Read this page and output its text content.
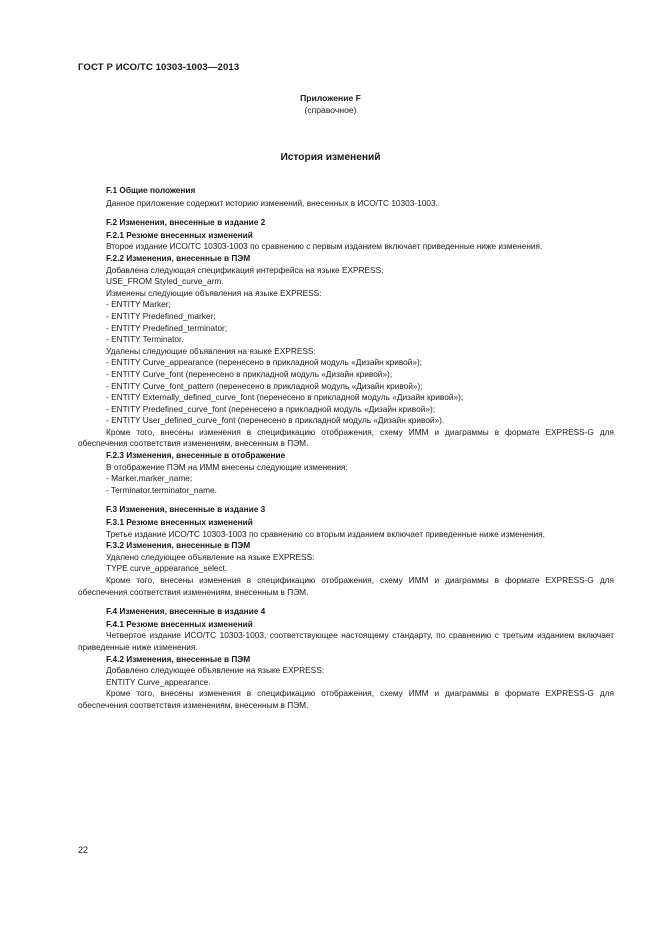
ГОСТ Р ИСО/ТС 10303-1003—2013
Приложение F
(справочное)
История изменений
F.1 Общие положения
Данное приложение содержит историю изменений, внесенных в ИСО/ТС 10303-1003.
F.2 Изменения, внесенные в издание 2
F.2.1 Резюме внесенных изменений
Второе издание ИСО/ТС 10303-1003 по сравнению с первым изданием включает приведенные ниже изменения.
F.2.2 Изменения, внесенные в ПЭМ
Добавлена следующая спецификация интерфейса на языке EXPRESS:
USE_FROM Styled_curve_arm.
Изменены следующие объявления на языке EXPRESS:
- ENTITY Marker;
- ENTITY Predefined_marker;
- ENTITY Predefined_terminator;
- ENTITY Terminator.
Удалены следующие объявления на языке EXPRESS:
- ENTITY Curve_appearance (перенесено в прикладной модуль «Дизайн кривой»);
- ENTITY Curve_font (перенесено в прикладной модуль «Дизайн кривой»);
- ENTITY Curve_font_pattern (перенесено в прикладной модуль «Дизайн кривой»);
- ENTITY Externally_defined_curve_font (перенесено в прикладной модуль «Дизайн кривой»);
- ENTITY Predefined_curve_font (перенесено в прикладной модуль «Дизайн кривой»);
- ENTITY User_defined_curve_font (перенесено в прикладной модуль «Дизайн кривой»).
Кроме того, внесены изменения в спецификацию отображения, схему ИММ и диаграммы в формате EXPRESS-G для обеспечения соответствия изменениям, внесенным в ПЭМ.
F.2.3 Изменения, внесенные в отображение
В отображение ПЭМ на ИММ внесены следующие изменения:
- Marker.marker_name;
- Terminator.terminator_name.
F.3 Изменения, внесенные в издание 3
F.3.1 Резюме внесенных изменений
Третье издание ИСО/ТС 10303-1003 по сравнению со вторым изданием включает приведенные ниже изменения.
F.3.2 Изменения, внесенные в ПЭМ
Удалено следующее объявление на языке EXPRESS:
TYPE curve_appearance_select.
Кроме того, внесены изменения в спецификацию отображения, схему ИММ и диаграммы в формате EXPRESS-G для обеспечения соответствия изменениям, внесенным в ПЭМ.
F.4 Изменения, внесенные в издание 4
F.4.1 Резюме внесенных изменений
Четвертое издание ИСО/ТС 10303-1003, соответствующее настоящему стандарту, по сравнению с третьим изданием включает приведенные ниже изменения.
F.4.2 Изменения, внесенные в ПЭМ
Добавлено следующее объявление на языке EXPRESS:
ENTITY Curve_appearance.
Кроме того, внесены изменения в спецификацию отображения, схему ИММ и диаграммы в формате EXPRESS-G для обеспечения соответствия изменениям, внесенным в ПЭМ.
22
